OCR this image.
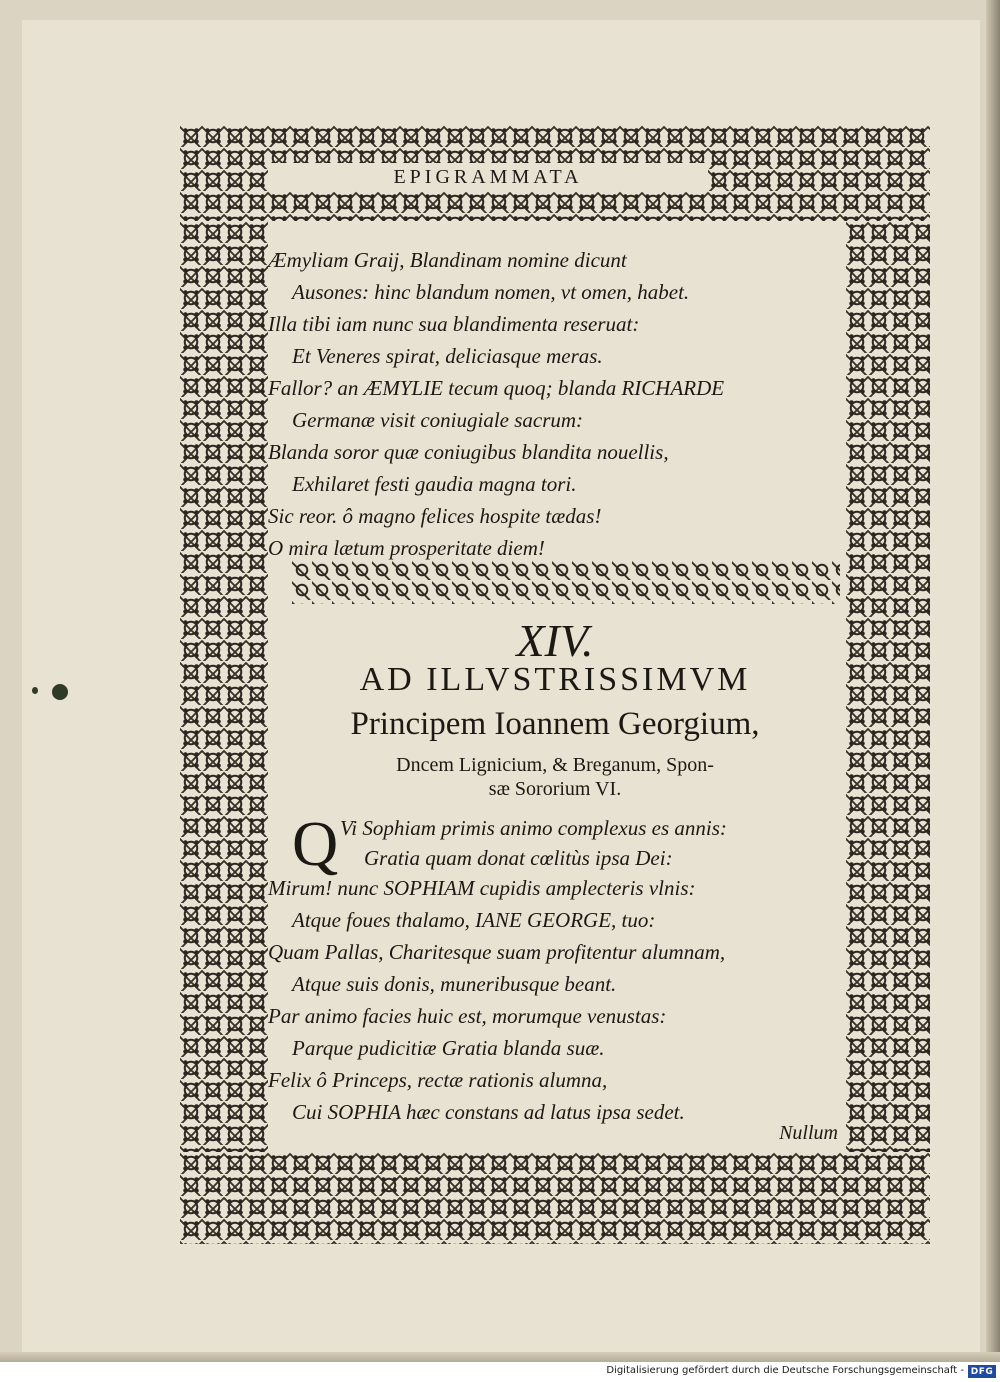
EPIGRAMMATA

Æmyliam Graij, Blandinam nomine dicunt

Ausones: hinc blandum nomen, vt omen, habet.

Illa tibi iam nunc sua blandimenta reseruat:

Et Veneres spirat, deliciasque meras.

Fallor? an ÆMYLIE tecum quoq; blanda RICHARDE

Germanæ visit coniugiale sacrum:

Blanda soror quæ coniugibus blandita nouellis,

Exhilaret festi gaudia magna tori.

Sic reor. ô magno felices hospite tædas!

O mira lætum prosperitate diem!

XIV.

AD ILLVSTRISSIMVM

Principem Ioannem Georgium,

Dncem Lignicium, & Breganum, Spon-

sæ Sororium VI.

Q Vi Sophiam primis animo complexus es annis:

Gratia quam donat cœlitùs ipsa Dei:

Mirum! nunc SOPHIAM cupidis amplecteris vlnis:

Atque foues thalamo, IANE GEORGE, tuo:

Quam Pallas, Charitesque suam profitentur alumnam,

Atque suis donis, muneribusque beant.

Par animo facies huic est, morumque venustas:

Parque pudicitiæ Gratia blanda suæ.

Felix ô Princeps, rectæ rationis alumna,

Cui SOPHIA hæc constans ad latus ipsa sedet.

Nullum

Digitalisierung gefördert durch die Deutsche Forschungsgemeinschaft - DFG
